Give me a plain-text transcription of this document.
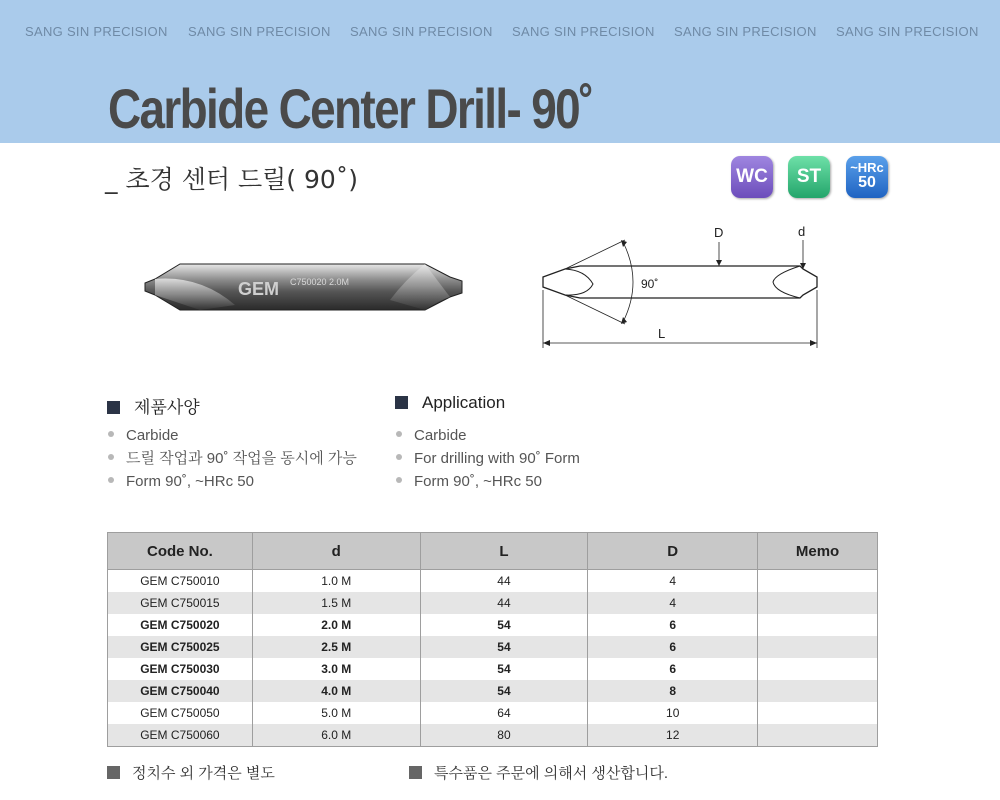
SANG SIN PRECISION SANG SIN PRECISION SANG SIN PRECISION SANG SIN PRECISION SANG SIN PRECISION SANG SIN PRECISION
Carbide Center Drill- 90˚
_ 초경 센터 드릴( 90˚)	WC	ST	~HRc
50
GEM C750020 2.0M	90˚
D	d
L
제품사양
Carbide
드릴 작업과 90˚ 작업을 동시에 가능
Form 90˚, ~HRc 50
Application
Carbide
For drilling with 90˚ Form
Form 90˚, ~HRc 50
Code No.	d	L	D	Memo
GEM C750010	1.0 M	44	4	
GEM C750015	1.5 M	44	4	
GEM C750020	2.0 M	54	6	
GEM C750025	2.5 M	54	6	
GEM C750030	3.0 M	54	6	
GEM C750040	4.0 M	54	8	
GEM C750050	5.0 M	64	10	
GEM C750060	6.0 M	80	12	
정치수 외 가격은 별도	특수품은 주문에 의해서 생산합니다.
